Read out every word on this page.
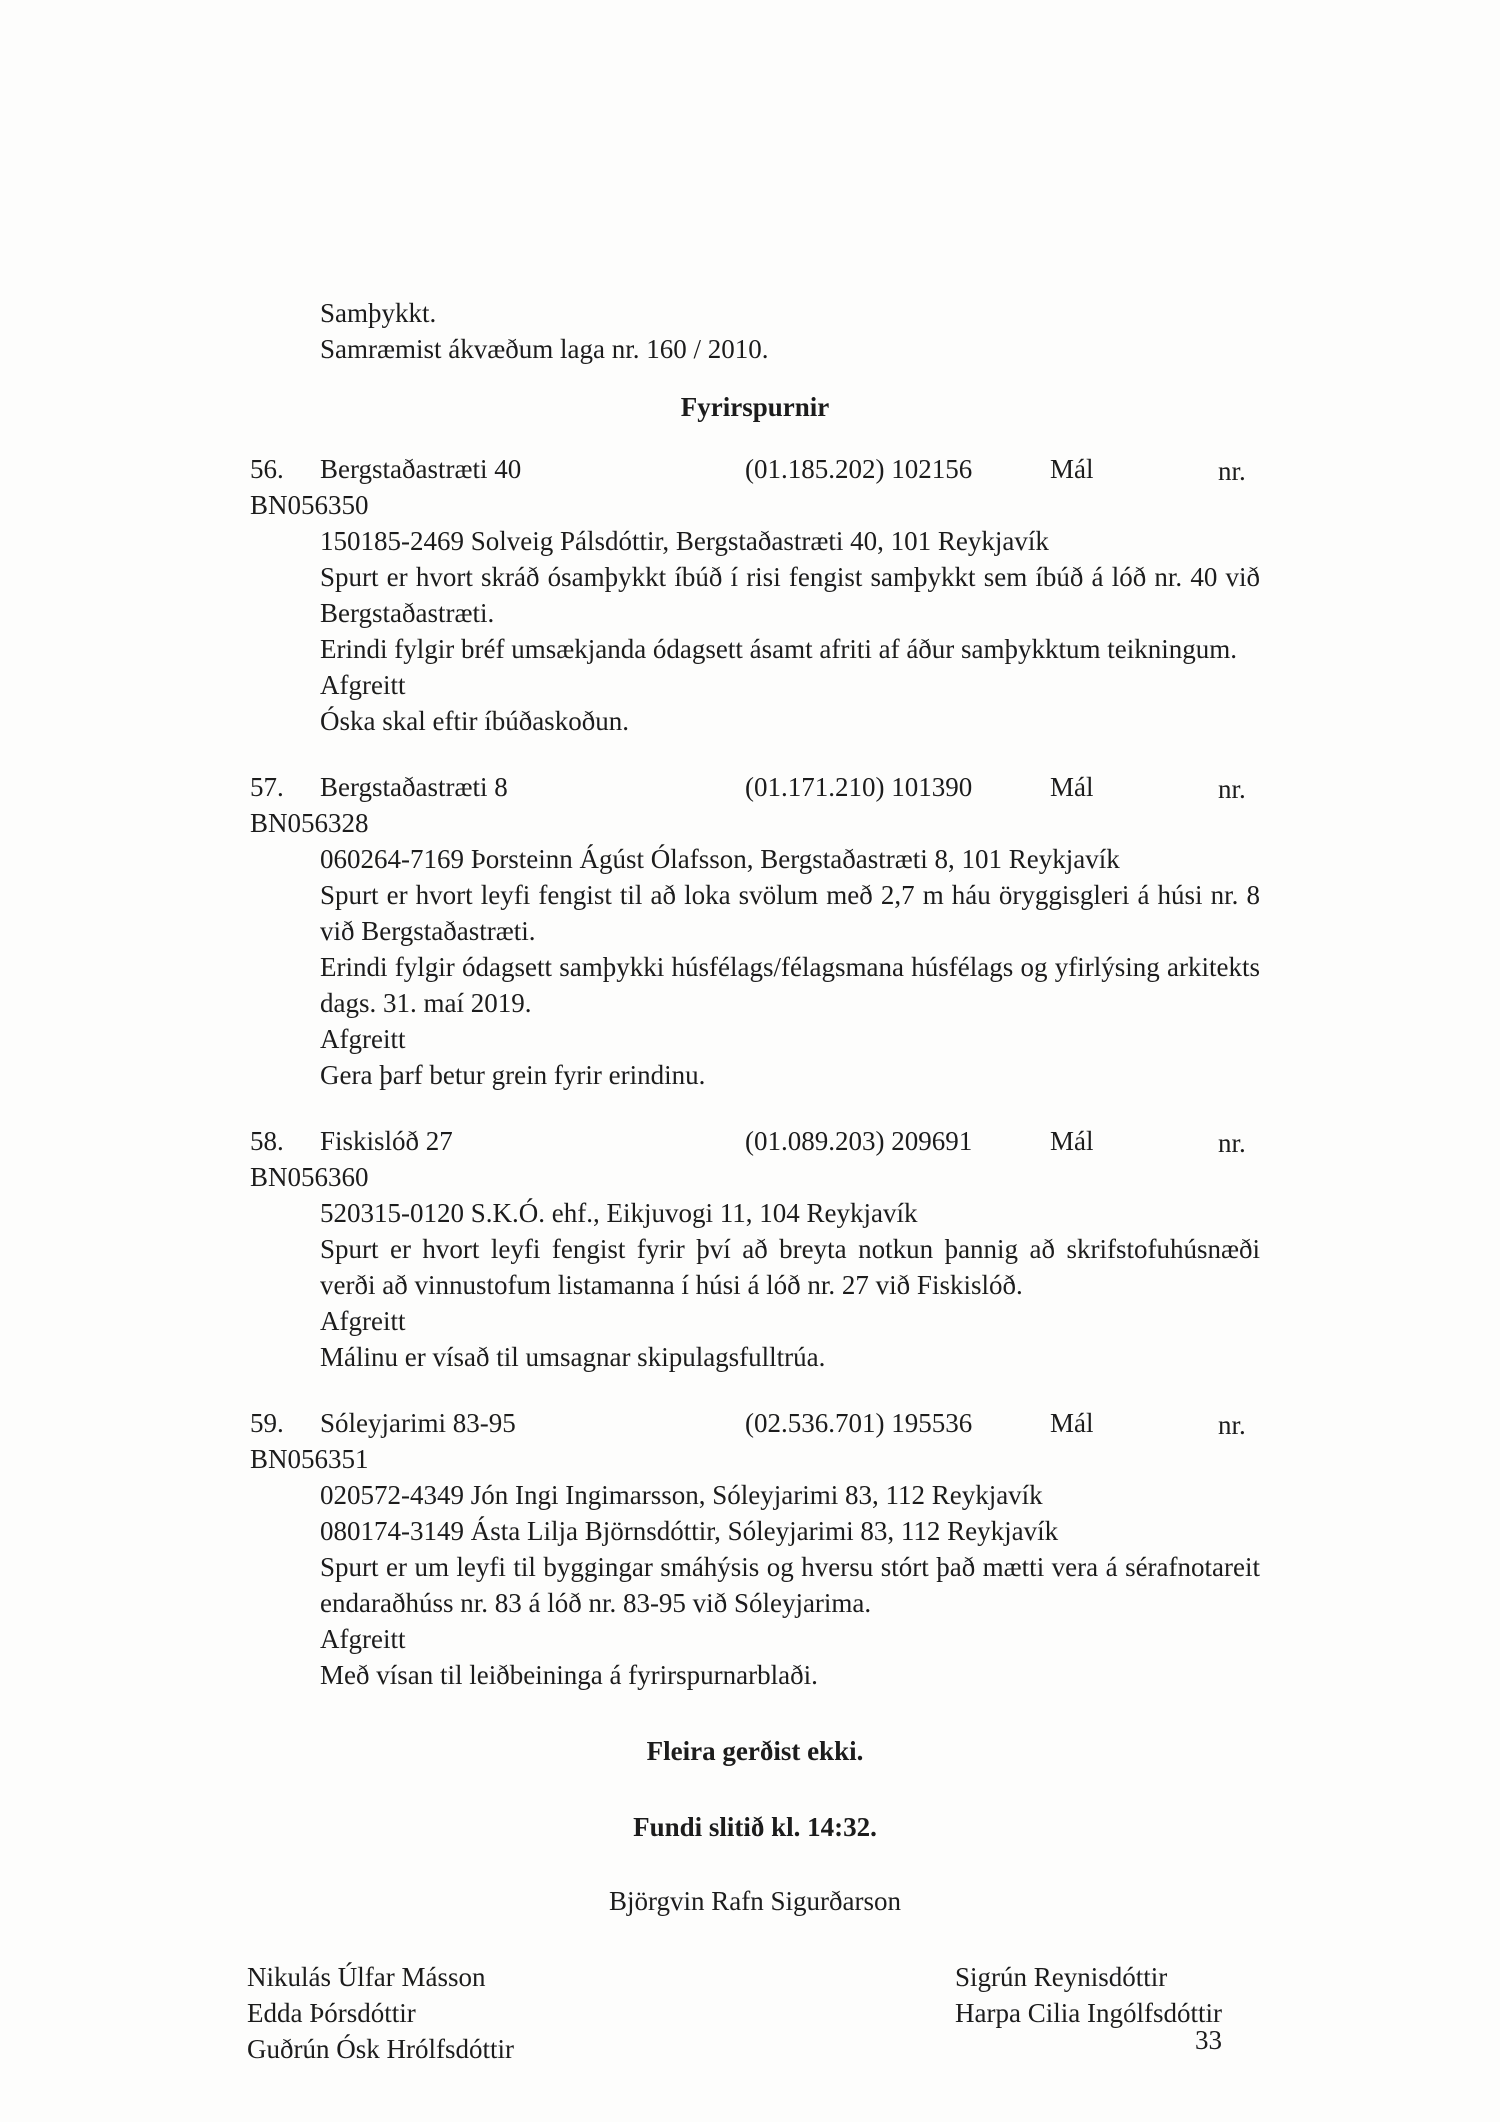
Samþykkt.
Samræmist ákvæðum laga nr. 160 / 2010.
Fyrirspurnir
56. Bergstaðastræti 40	(01.185.202) 102156	Mál	nr.
BN056350

150185-2469 Solveig Pálsdóttir, Bergstaðastræti 40, 101 Reykjavík

Spurt er hvort skráð ósamþykkt íbúð í risi fengist samþykkt sem íbúð á lóð nr. 40 við Bergstaðastræti.

Erindi fylgir bréf umsækjanda ódagsett ásamt afriti af áður samþykktum teikningum.

Afgreitt

Óska skal eftir íbúðaskoðun.

57. Bergstaðastræti 8	(01.171.210) 101390	Mál	nr.
BN056328

060264-7169 Þorsteinn Ágúst Ólafsson, Bergstaðastræti 8, 101 Reykjavík

Spurt er hvort leyfi fengist til að loka svölum með 2,7 m háu öryggisgleri á húsi nr. 8 við Bergstaðastræti.

Erindi fylgir ódagsett samþykki húsfélags/félagsmana húsfélags og yfirlýsing arkitekts dags. 31. maí 2019.

Afgreitt

Gera þarf betur grein fyrir erindinu.

58. Fiskislóð 27	(01.089.203) 209691	Mál	nr.
BN056360

520315-0120 S.K.Ó. ehf., Eikjuvogi 11, 104 Reykjavík

Spurt er hvort leyfi fengist fyrir því að breyta notkun þannig að skrifstofuhúsnæði verði að vinnustofum listamanna í húsi á lóð nr. 27 við Fiskislóð.

Afgreitt

Málinu er vísað til umsagnar skipulagsfulltrúa.

59. Sóleyjarimi 83-95	(02.536.701) 195536	Mál	nr.
BN056351

020572-4349 Jón Ingi Ingimarsson, Sóleyjarimi 83, 112 Reykjavík

080174-3149 Ásta Lilja Björnsdóttir, Sóleyjarimi 83, 112 Reykjavík

Spurt er um leyfi til byggingar smáhýsis og hversu stórt það mætti vera á sérafnotareit endaraðhúss nr. 83 á lóð nr. 83-95 við Sóleyjarima.

Afgreitt

Með vísan til leiðbeininga á fyrirspurnarblaði.

Fleira gerðist ekki.
Fundi slitið kl. 14:32.
Björgvin Rafn Sigurðarson
Nikulás Úlfar Másson
Edda Þórsdóttir
Guðrún Ósk Hrólfsdóttir
Sigrún Reynisdóttir
Harpa Cilia Ingólfsdóttir
33
